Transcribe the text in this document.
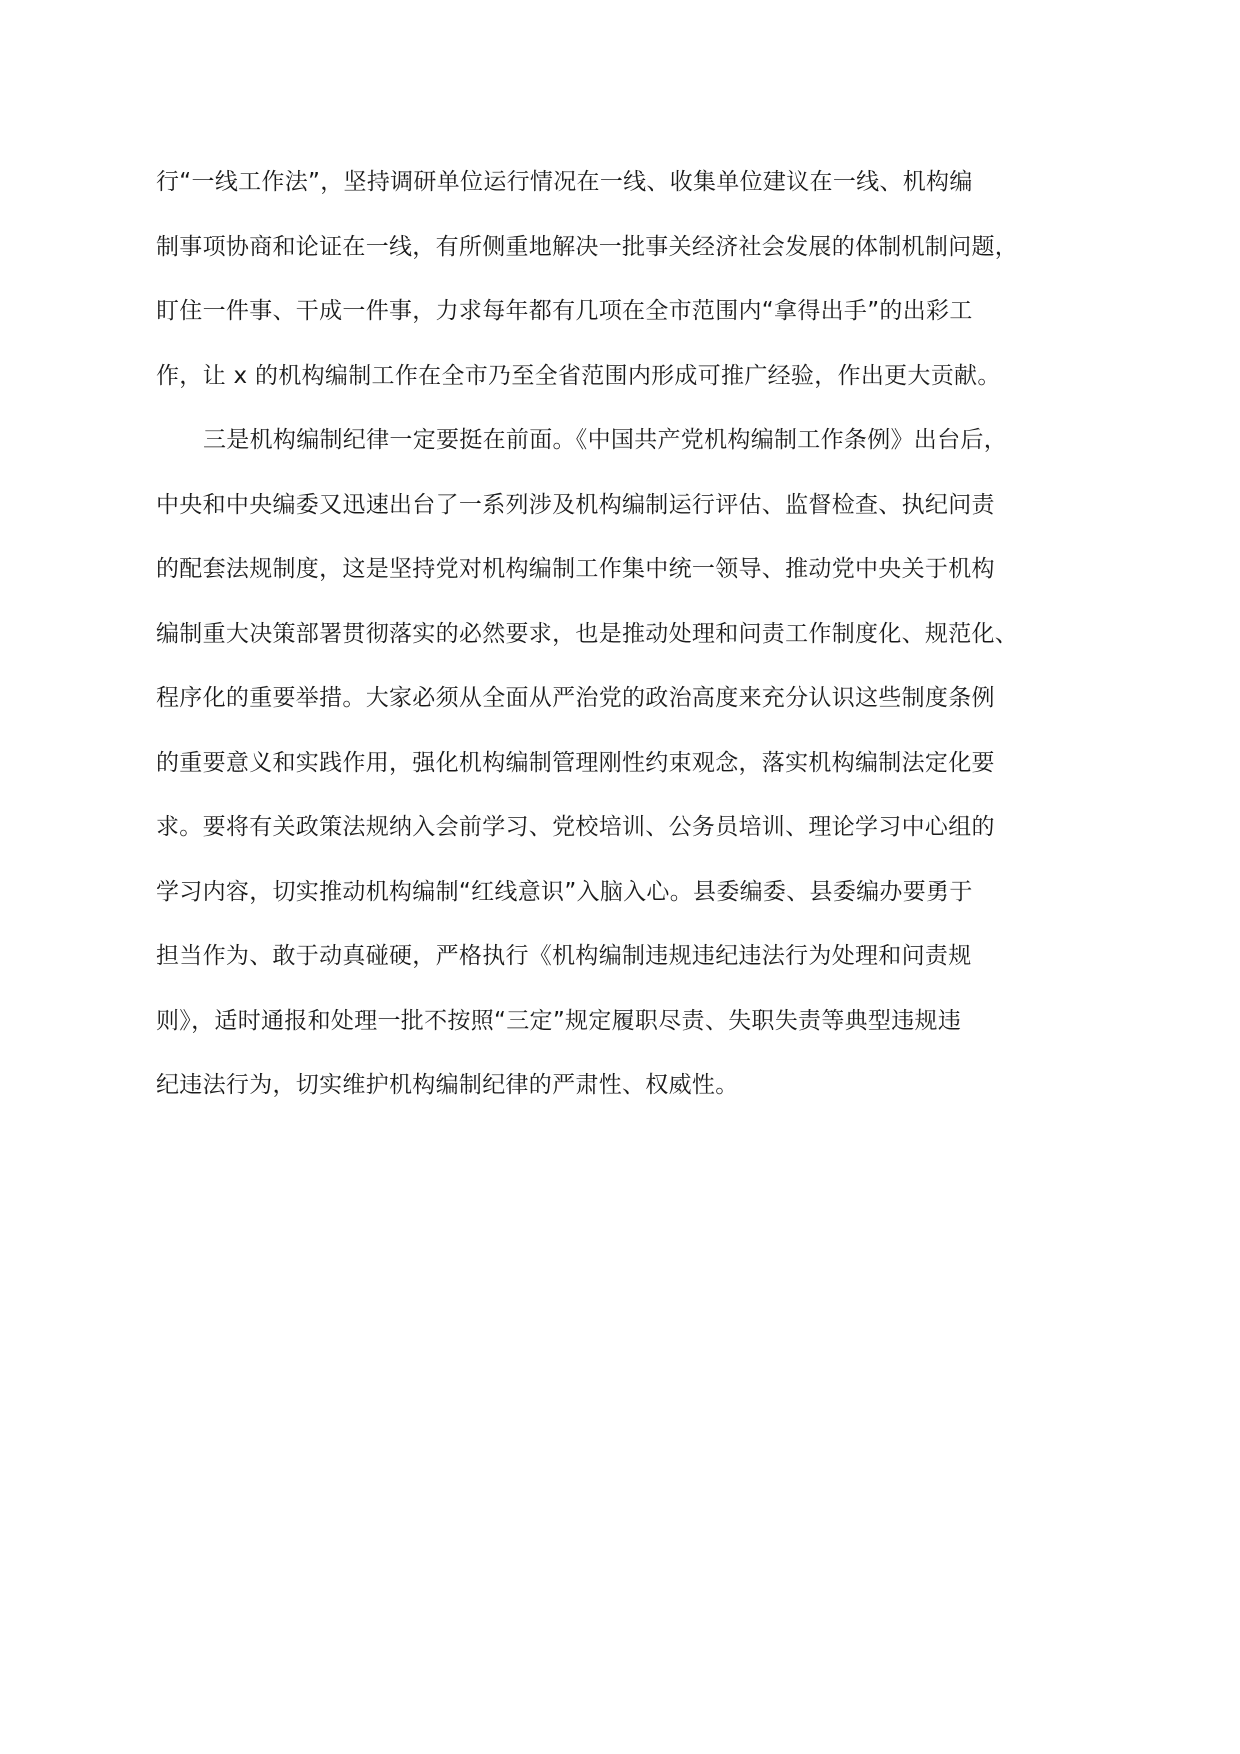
行“一线工作法”，坚持调研单位运行情况在一线、收集单位建议在一线、机构编
制事项协商和论证在一线，有所侧重地解决一批事关经济社会发展的体制机制问题，
盯住一件事、干成一件事，力求每年都有几项在全市范围内“拿得出手”的出彩工
作，让 x 的机构编制工作在全市乃至全省范围内形成可推广经验，作出更大贡献。
三是机构编制纪律一定要挺在前面。《中国共产党机构编制工作条例》出台后，
中央和中央编委又迅速出台了一系列涉及机构编制运行评估、监督检查、执纪问责
的配套法规制度，这是坚持党对机构编制工作集中统一领导、推动党中央关于机构
编制重大决策部署贯彻落实的必然要求，也是推动处理和问责工作制度化、规范化、
程序化的重要举措。大家必须从全面从严治党的政治高度来充分认识这些制度条例
的重要意义和实践作用，强化机构编制管理刚性约束观念，落实机构编制法定化要
求。要将有关政策法规纳入会前学习、党校培训、公务员培训、理论学习中心组的
学习内容，切实推动机构编制“红线意识”入脑入心。县委编委、县委编办要勇于
担当作为、敢于动真碰硬，严格执行《机构编制违规违纪违法行为处理和问责规
则》，适时通报和处理一批不按照“三定”规定履职尽责、失职失责等典型违规违
纪违法行为，切实维护机构编制纪律的严肃性、权威性。
